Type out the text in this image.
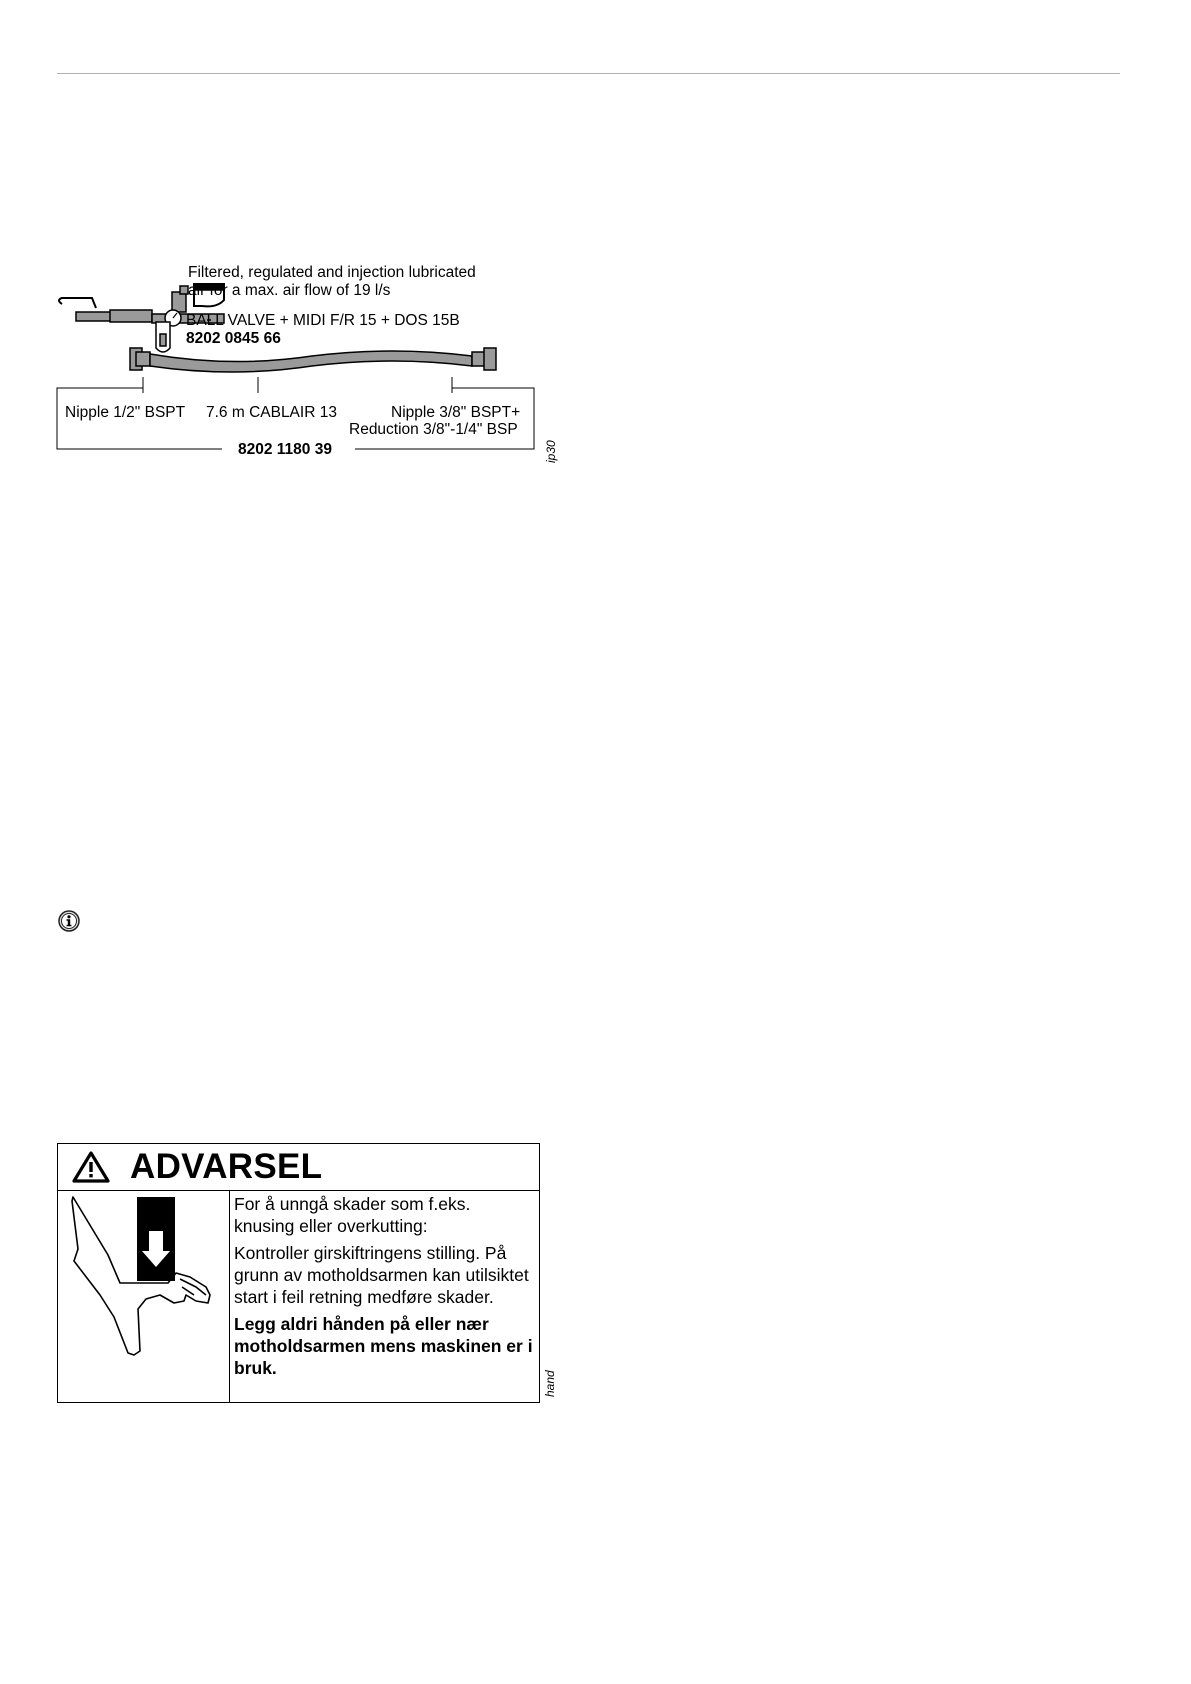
Filtered, regulated and injection lubricated
air for a max. air flow of 19 l/s
BALL VALVE + MIDI F/R 15 + DOS 15B
8202 0845 66
Nipple 1/2" BSPT 7.6 m CABLAIR 13	Nipple 3/8" BSPT+
Reduction 3/8"-1/4" BSP
8202 1180 39	ip30
ADVARSEL

For å unngå skader som f.eks. knusing eller overkutting:

Kontroller girskiftringens stilling. På grunn av motholdsarmen kan utilsiktet start i feil retning medføre skader.

Legg aldri hånden på eller nær motholdsarmen mens maskinen er i bruk.

hand
